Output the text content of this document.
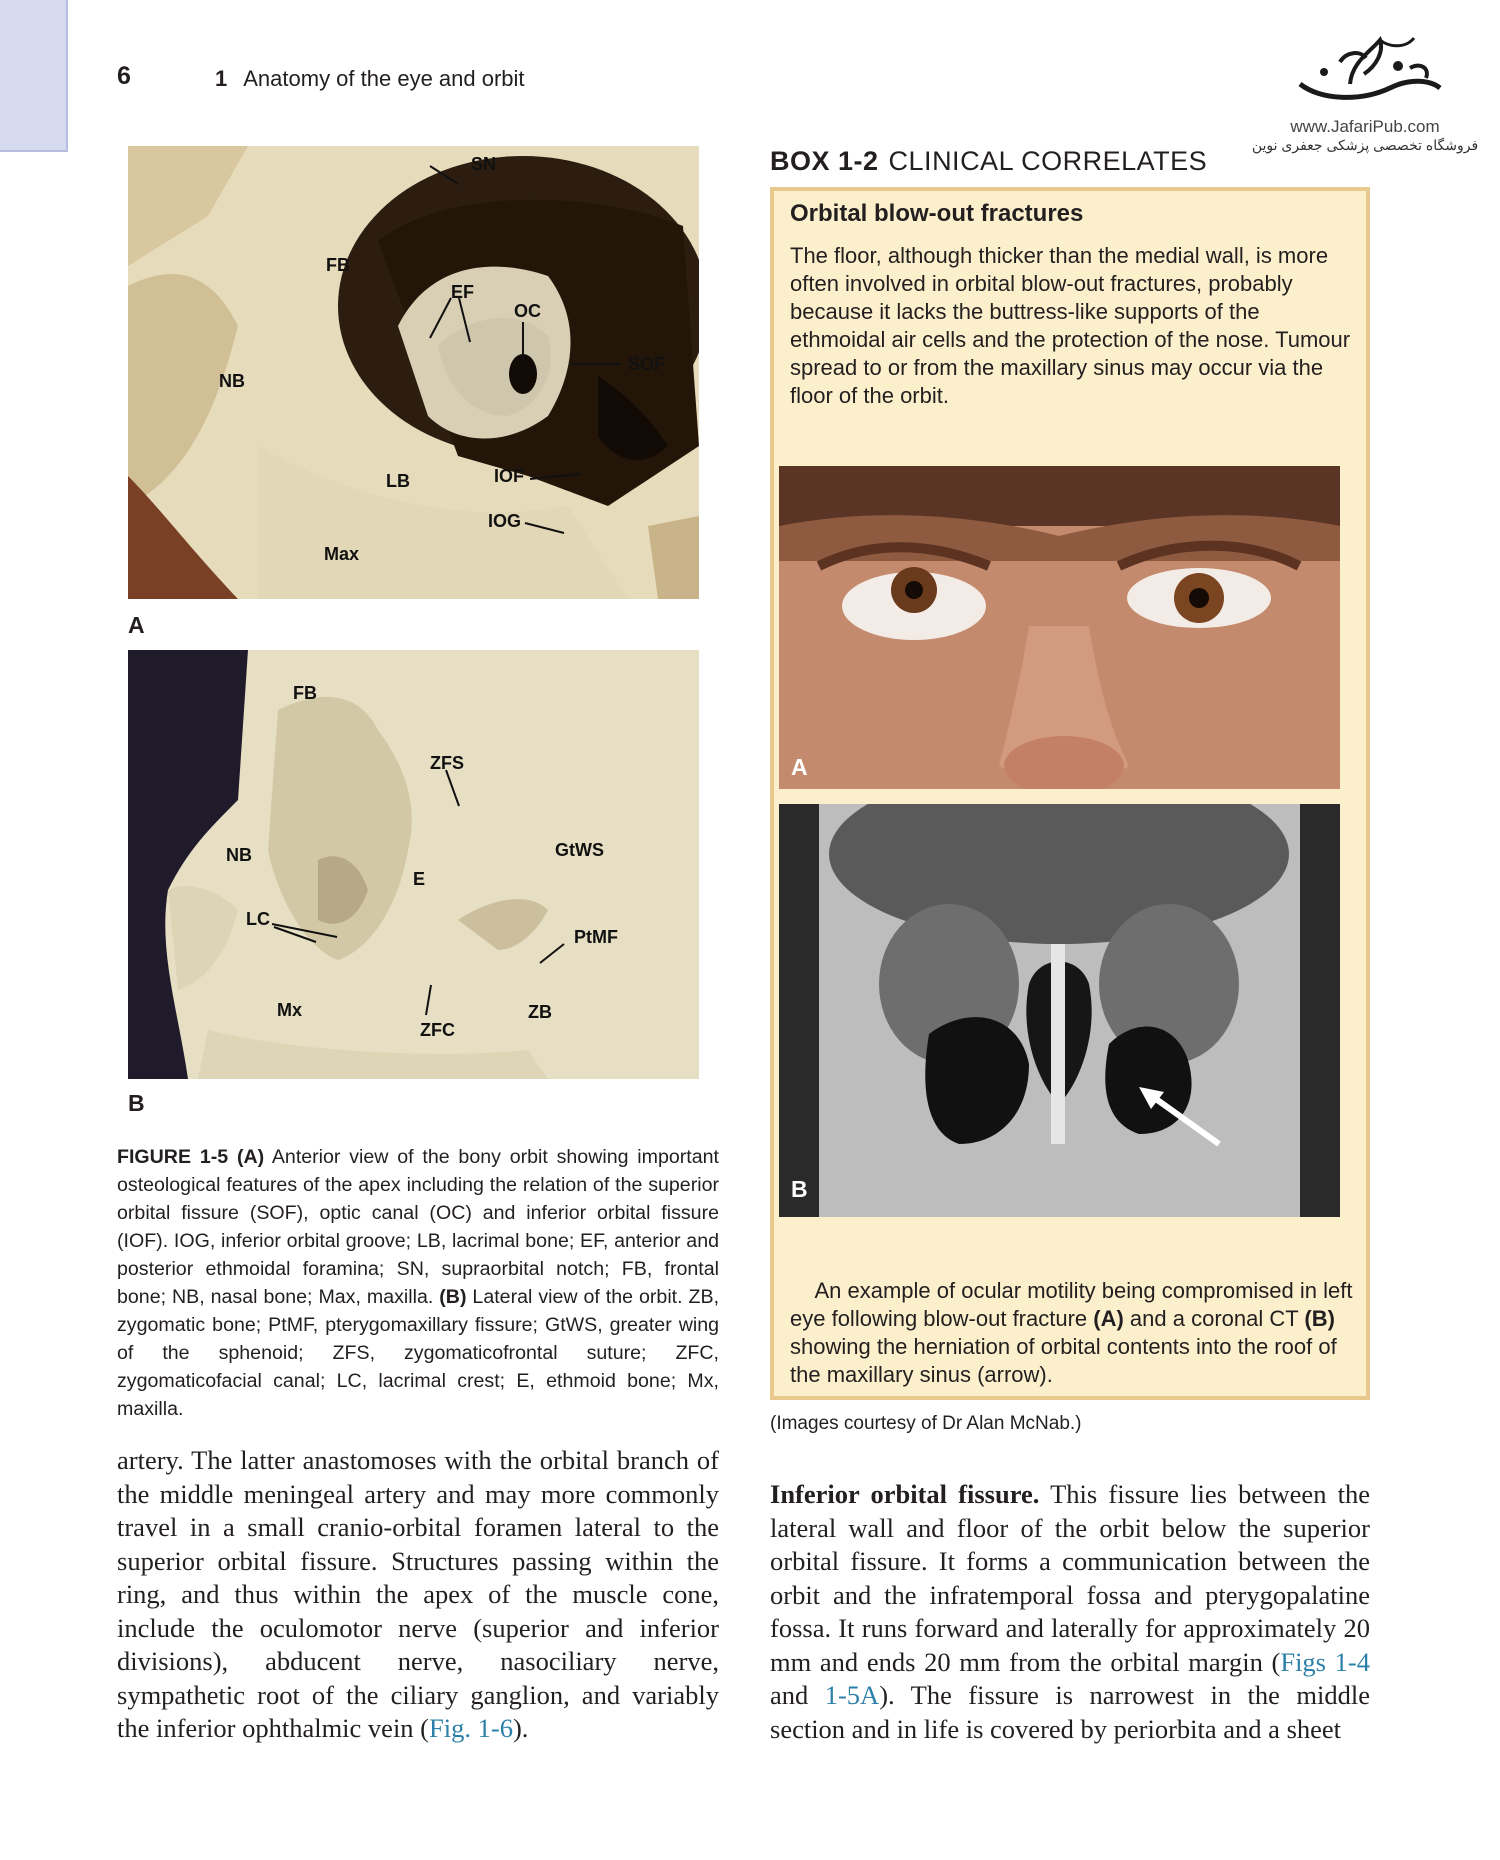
6	1 Anatomy of the eye and orbit
www.JafariPub.com
فروشگاه تخصصی پزشکی جعفری نوین
SN
FB
EF
OC
SOF
NB
LB	IOF
IOG
Max
A
FB
ZFS
NB	GtWS
E
LC
PtMF
Mx	ZB
ZFC
B
FIGURE 1-5 (A) Anterior view of the bony orbit showing important osteological features of the apex including the relation of the superior orbital fissure (SOF), optic canal (OC) and inferior orbital fissure (IOF). IOG, inferior orbital groove; LB, lacrimal bone; EF, anterior and posterior ethmoidal foramina; SN, supraorbital notch; FB, frontal bone; NB, nasal bone; Max, maxilla. (B) Lateral view of the orbit. ZB, zygomatic bone; PtMF, pterygomaxillary fissure; GtWS, greater wing of the sphenoid; ZFS, zygomaticofrontal suture; ZFC, zygomaticofacial canal; LC, lacrimal crest; E, ethmoid bone; Mx, maxilla.
BOX 1-2 CLINICAL CORRELATES
Orbital blow-out fractures
The floor, although thicker than the medial wall, is more often involved in orbital blow-out fractures, probably because it lacks the buttress-like supports of the ethmoidal air cells and the protection of the nose. Tumour spread to or from the maxillary sinus may occur via the floor of the orbit.
A
B
An example of ocular motility being compromised in left eye following blow-out fracture (A) and a coronal CT (B) showing the herniation of orbital contents into the roof of the maxillary sinus (arrow).
(Images courtesy of Dr Alan McNab.)
artery. The latter anastomoses with the orbital branch of the middle meningeal artery and may more commonly travel in a small cranio-orbital foramen lateral to the superior orbital fissure. Structures passing within the ring, and thus within the apex of the muscle cone, include the oculomotor nerve (superior and inferior divisions), abducent nerve, nasociliary nerve, sympathetic root of the ciliary ganglion, and variably the inferior ophthalmic vein (Fig. 1-6).
Inferior orbital fissure. This fissure lies between the lateral wall and floor of the orbit below the superior orbital fissure. It forms a communication between the orbit and the infratemporal fossa and pterygopalatine fossa. It runs forward and laterally for approximately 20 mm and ends 20 mm from the orbital margin (Figs 1-4 and 1-5A). The fissure is narrowest in the middle section and in life is covered by periorbita and a sheet
